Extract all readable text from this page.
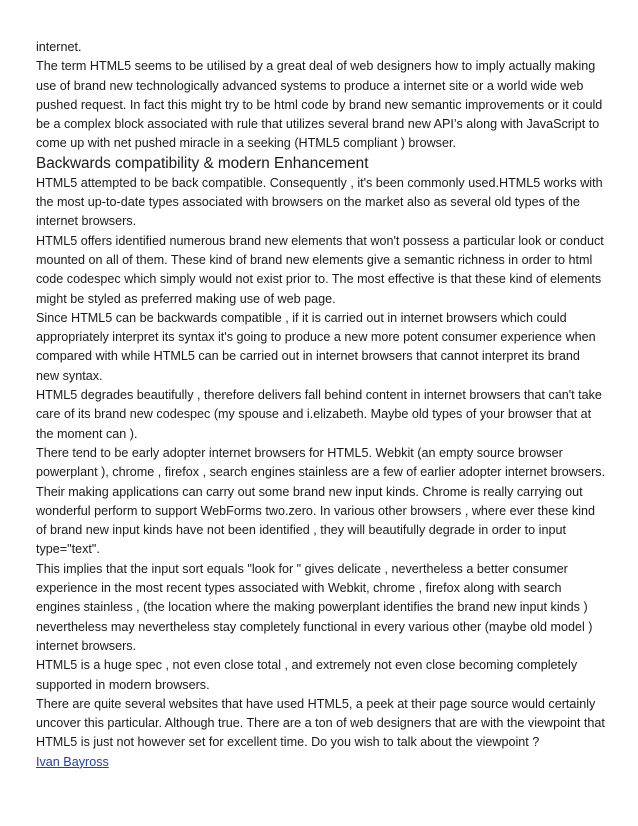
internet.

The term HTML5 seems to be utilised by a great deal of web designers how to imply actually making use of brand new technologically advanced systems to produce a internet site or a world wide web pushed request. In fact this might try to be html code by brand new semantic improvements or it could be a complex block associated with rule that utilizes several brand new API’s along with JavaScript to come up with net pushed miracle in a seeking (HTML5 compliant ) browser.

Backwards compatibility & modern Enhancement

HTML5 attempted to be back compatible. Consequently , it's been commonly used.HTML5 works with the most up-to-date types associated with browsers on the market also as several old types of the internet browsers.

HTML5 offers identified numerous brand new elements that won't possess a particular look or conduct mounted on all of them. These kind of brand new elements give a semantic richness in order to html code codespec which simply would not exist prior to. The most effective is that these kind of elements might be styled as preferred making use of web page.

Since HTML5 can be backwards compatible , if it is carried out in internet browsers which could appropriately interpret its syntax it's going to produce a new more potent consumer experience when compared with while HTML5 can be carried out in internet browsers that cannot interpret its brand new syntax.

HTML5 degrades beautifully , therefore delivers fall behind content in internet browsers that can't take care of its brand new codespec (my spouse and i.elizabeth. Maybe old types of your browser that at the moment can ).

There tend to be early adopter internet browsers for HTML5. Webkit (an empty source browser powerplant ), chrome , firefox , search engines stainless are a few of earlier adopter internet browsers. Their making applications can carry out some brand new input kinds. Chrome is really carrying out wonderful perform to support WebForms two.zero. In various other browsers , where ever these kind of brand new input kinds have not been identified , they will beautifully degrade in order to input type="text".

This implies that the input sort equals "look for " gives delicate , nevertheless a better consumer experience in the most recent types associated with Webkit, chrome , firefox along with search engines stainless , (the location where the making powerplant identifies the brand new input kinds ) nevertheless may nevertheless stay completely functional in every various other (maybe old model ) internet browsers.

HTML5 is a huge spec , not even close total , and extremely not even close becoming completely supported in modern browsers.

There are quite several websites that have used HTML5, a peek at their page source would certainly uncover this particular. Although true. There are a ton of web designers that are with the viewpoint that HTML5 is just not however set for excellent time. Do you wish to talk about the viewpoint ?

Ivan Bayross
